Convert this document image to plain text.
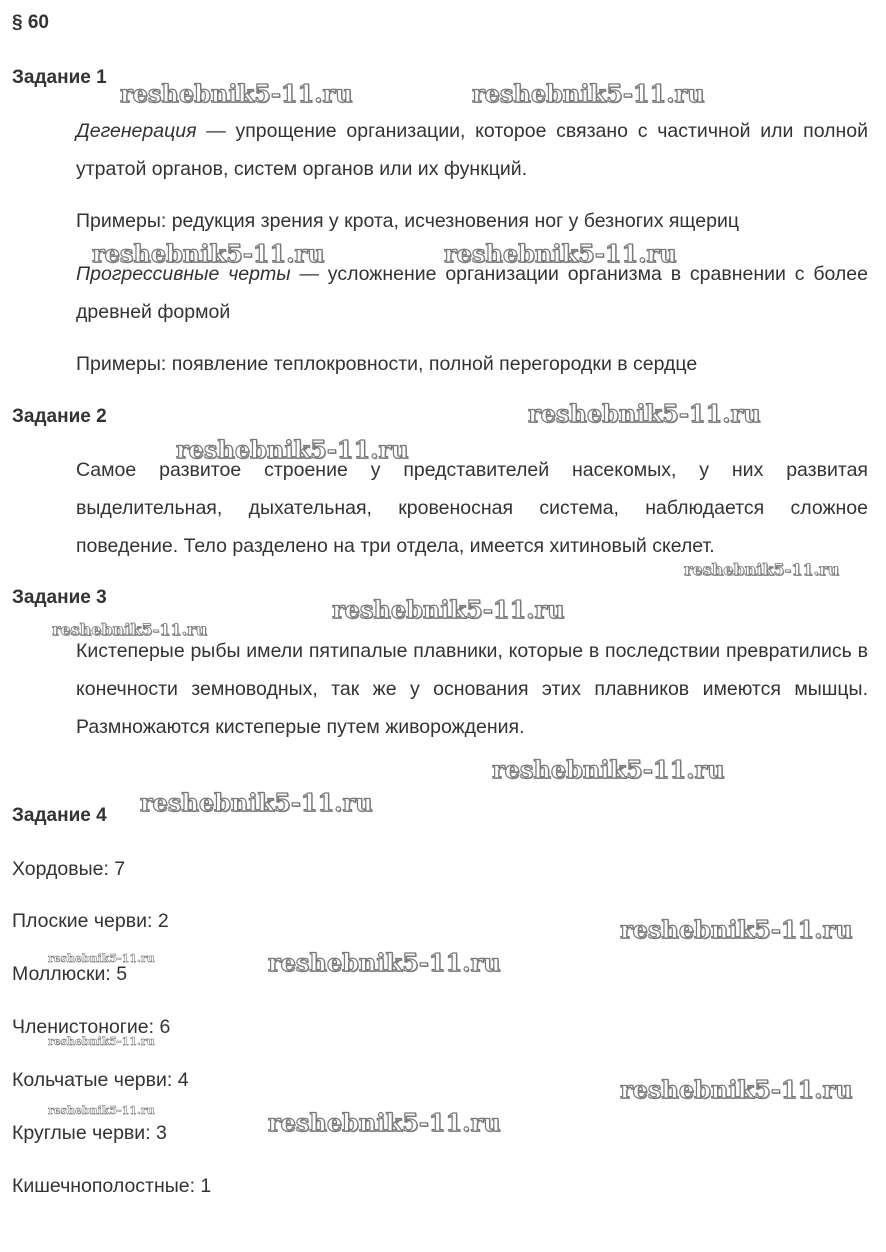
§ 60
Задание 1

Дегенерация — упрощение организации, которое связано с частичной или полной утратой органов, систем органов или их функций.

Примеры: редукция зрения у крота, исчезновения ног у безногих ящериц

Прогрессивные черты — усложнение организации организма в сравнении с более древней формой

Примеры: появление теплокровности, полной перегородки в сердце

Задание 2

Самое развитое строение у представителей насекомых, у них развитая выделительная, дыхательная, кровеносная система, наблюдается сложное поведение. Тело разделено на три отдела, имеется хитиновый скелет.

Задание 3

Кистеперые рыбы имели пятипалые плавники, которые в последствии превратились в конечности земноводных, так же у основания этих плавников имеются мышцы. Размножаются кистеперые путем живорождения.

Задание 4
Хордовые: 7
Плоские черви: 2
Моллюски: 5
Членистоногие: 6
Кольчатые черви: 4
Круглые черви: 3
Кишечнополостные: 1
reshebnik5-11.ru	reshebnik5-11.ru
reshebnik5-11.ru	reshebnik5-11.ru
reshebnik5-11.ru
reshebnik5-11.ru
reshebnik5-11.ru
reshebnik5-11.ru
reshebnik5-11.ru
reshebnik5-11.ru
reshebnik5-11.ru
reshebnik5-11.ru
reshebnik5-11.ru	reshebnik5-11.ru
reshebnik5-11.ru
reshebnik5-11.ru
reshebnik5-11.ru	reshebnik5-11.ru
